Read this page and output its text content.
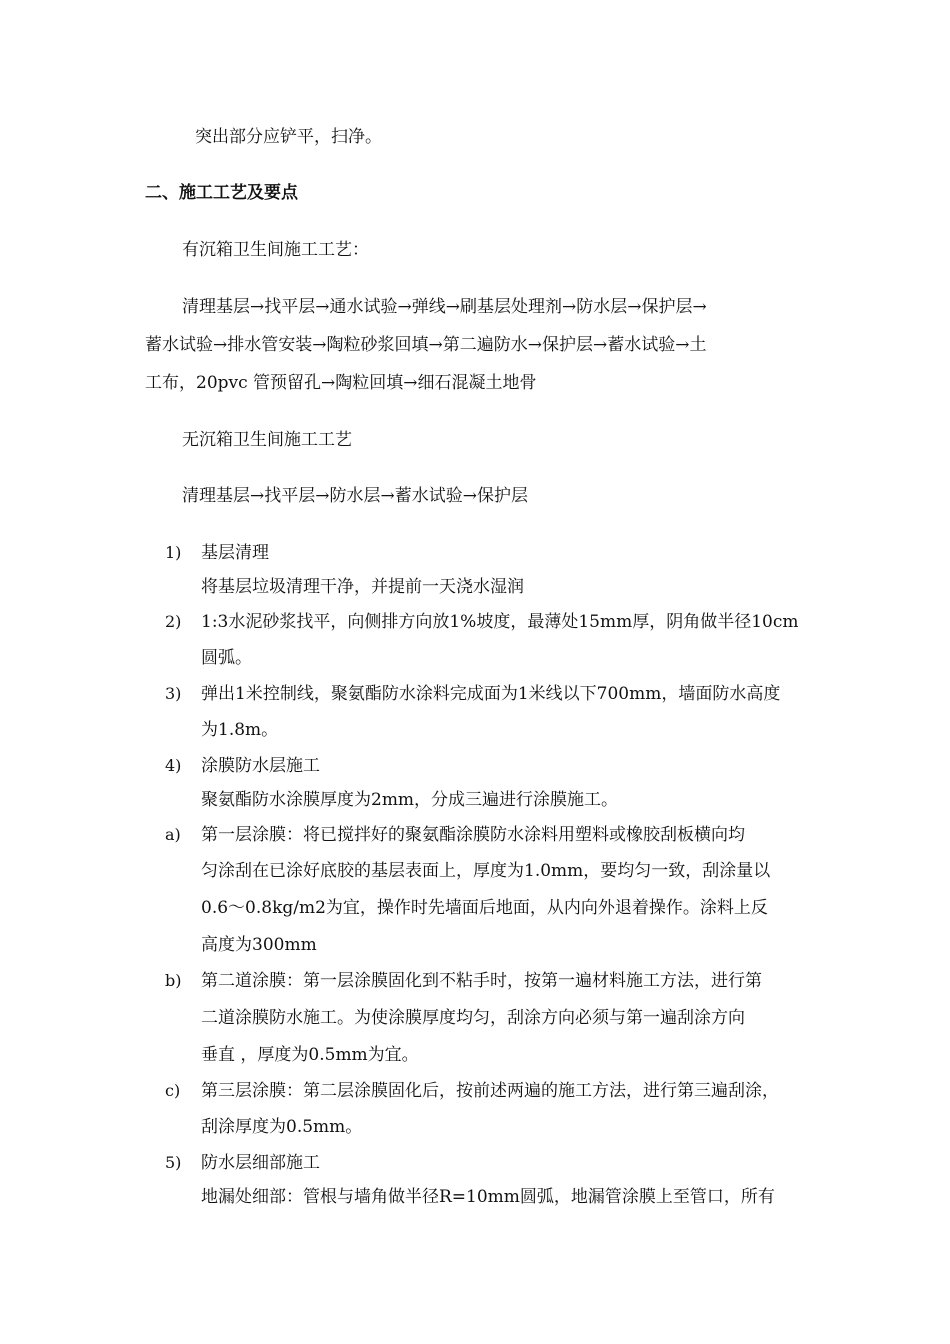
突出部分应铲平，扫净。
二、施工工艺及要点
有沉箱卫生间施工工艺：
清理基层→找平层→通水试验→弹线→刷基层处理剂→防水层→保护层→
蓄水试验→排水管安装→陶粒砂浆回填→第二遍防水→保护层→蓄水试验→土
工布，20pvc 管预留孔→陶粒回填→细石混凝土地骨
无沉箱卫生间施工工艺
清理基层→找平层→防水层→蓄水试验→保护层
1) 基层清理
将基层垃圾清理干净，并提前一天浇水湿润
2) 1:3水泥砂浆找平，向侧排方向放1%坡度，最薄处15mm厚，阴角做半径10cm
圆弧。
3) 弹出1米控制线，聚氨酯防水涂料完成面为1米线以下700mm，墙面防水高度
为1.8m。
4) 涂膜防水层施工
聚氨酯防水涂膜厚度为2mm，分成三遍进行涂膜施工。
a) 第一层涂膜：将已搅拌好的聚氨酯涂膜防水涂料用塑料或橡胶刮板横向均
匀涂刮在已涂好底胶的基层表面上，厚度为1.0mm，要均匀一致，刮涂量以
0.6～0.8kg/m2为宜，操作时先墙面后地面，从内向外退着操作。涂料上反
高度为300mm
b) 第二道涂膜：第一层涂膜固化到不粘手时，按第一遍材料施工方法，进行第
二道涂膜防水施工。为使涂膜厚度均匀，刮涂方向必须与第一遍刮涂方向
垂直 ，厚度为0.5mm为宜。
c) 第三层涂膜：第二层涂膜固化后，按前述两遍的施工方法，进行第三遍刮涂，
刮涂厚度为0.5mm。
5) 防水层细部施工
地漏处细部：管根与墙角做半径R=10mm圆弧，地漏管涂膜上至管口，所有
